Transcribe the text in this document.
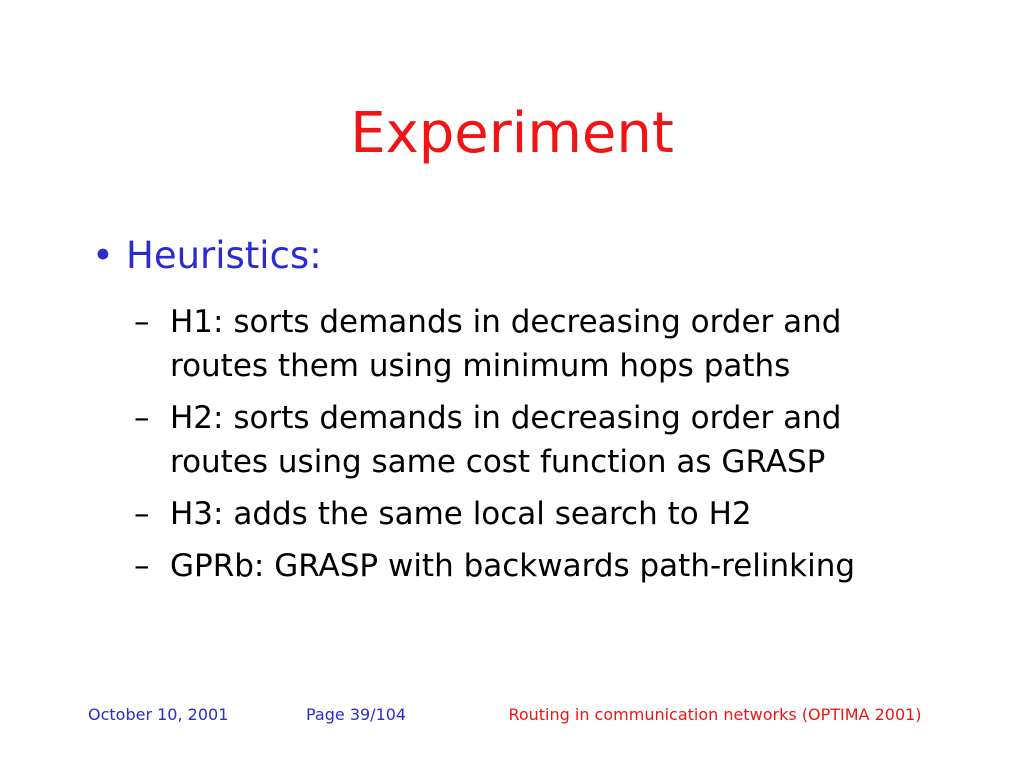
Experiment
• Heuristics:
– H1: sorts demands in decreasing order and routes them using minimum hops paths
– H2: sorts demands in decreasing order and routes using same cost function as GRASP
– H3: adds the same local search to H2
– GPRb: GRASP with backwards path-relinking
October 10, 2001	Page 39/104	Routing in communication networks (OPTIMA 2001)
